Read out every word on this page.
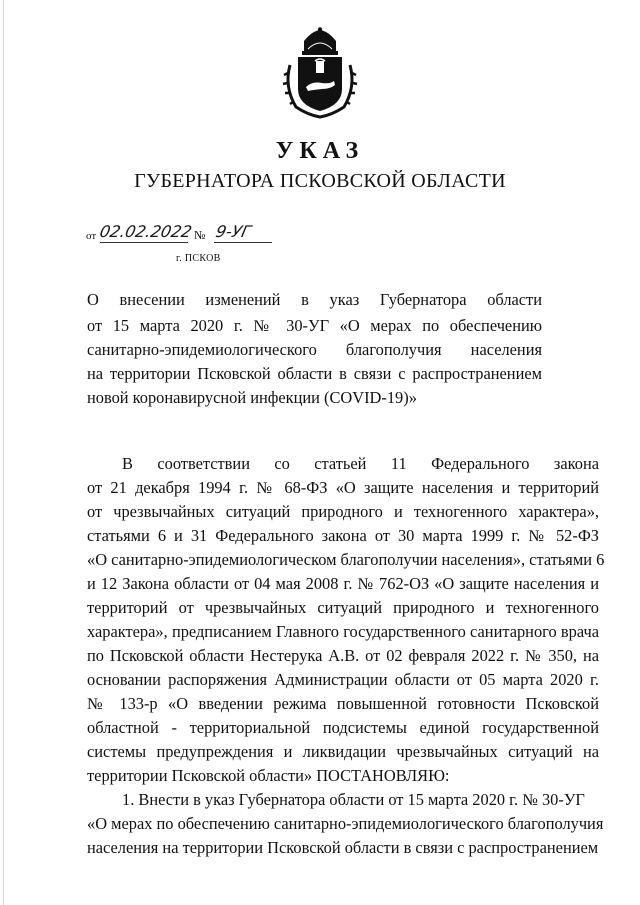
УКАЗ
ГУБЕРНАТОРА ПСКОВСКОЙ ОБЛАСТИ
от 02.02.2022 № 9-УГ
г. ПСКОВ
О внесении изменений в указ Губернатора области
от 15 марта 2020 г. № 30-УГ «О мерах по обеспечению
санитарно-эпидемиологического благополучия населения
на территории Псковской области в связи с распространением
новой коронавирусной инфекции (COVID-19)»
В соответствии со статьей 11 Федерального закона
от 21 декабря 1994 г. № 68-ФЗ «О защите населения и территорий
от чрезвычайных ситуаций природного и техногенного характера»,
статьями 6 и 31 Федерального закона от 30 марта 1999 г. № 52-ФЗ
«О санитарно-эпидемиологическом благополучии населения», статьями 6
и 12 Закона области от 04 мая 2008 г. № 762-ОЗ «О защите населения и
территорий от чрезвычайных ситуаций природного и техногенного
характера», предписанием Главного государственного санитарного врача
по Псковской области Нестерука А.В. от 02 февраля 2022 г. № 350, на
основании распоряжения Администрации области от 05 марта 2020 г.
№ 133-р «О введении режима повышенной готовности Псковской
областной - территориальной подсистемы единой государственной
системы предупреждения и ликвидации чрезвычайных ситуаций на
территории Псковской области» ПОСТАНОВЛЯЮ:
1. Внести в указ Губернатора области от 15 марта 2020 г. № 30-УГ
«О мерах по обеспечению санитарно-эпидемиологического благополучия
населения на территории Псковской области в связи с распространением
